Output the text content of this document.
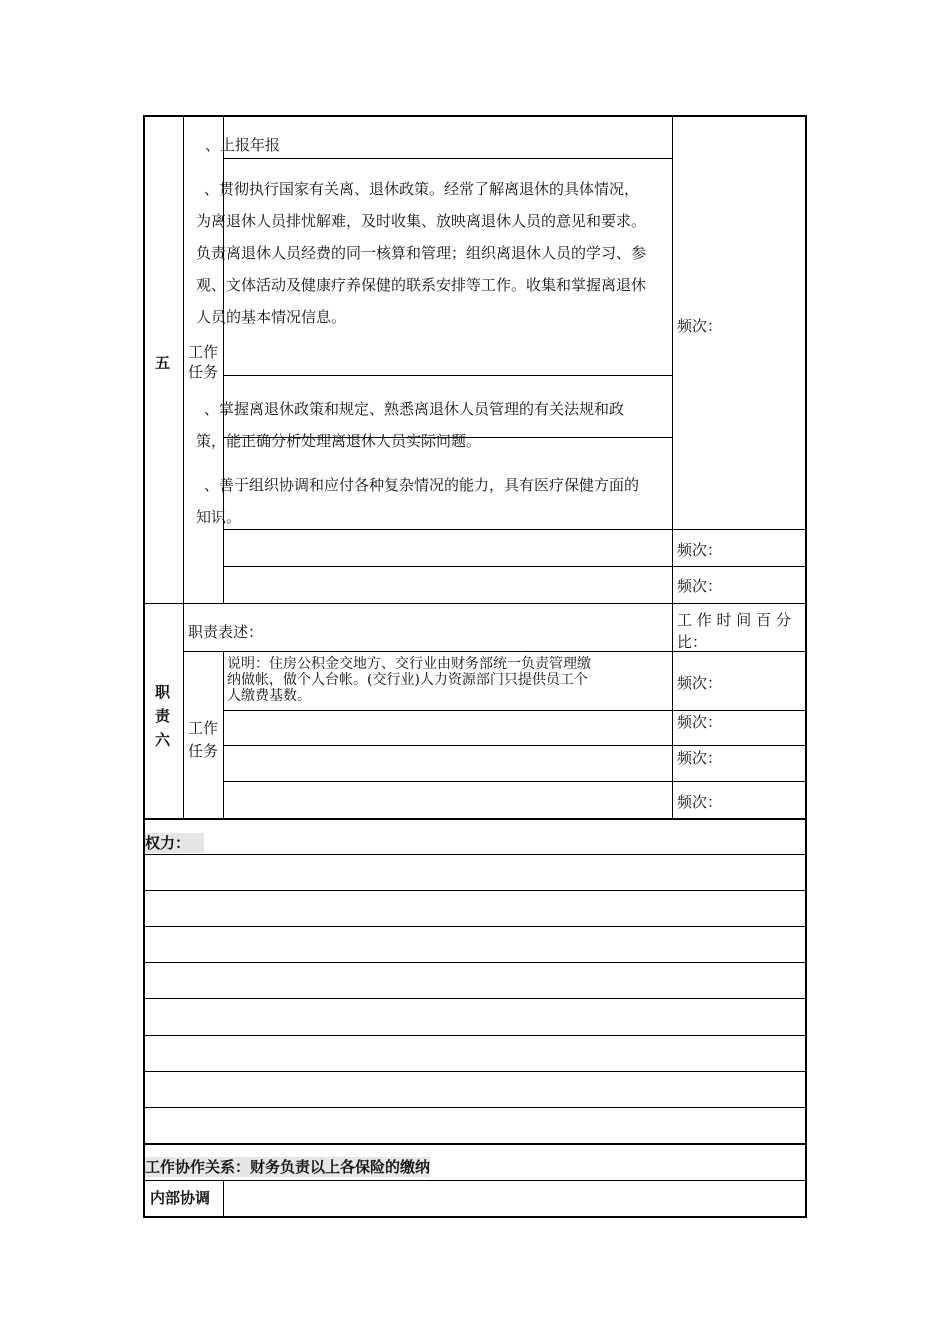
五
工作
任务
、上报年报
、贯彻执行国家有关离、退休政策。经常了解离退休的具体情况，
为离退休人员排忧解难，及时收集、放映离退休人员的意见和要求。
负责离退休人员经费的同一核算和管理；组织离退休人员的学习、参
观、文体活动及健康疗养保健的联系安排等工作。收集和掌握离退休
人员的基本情况信息。
、掌握离退休政策和规定、熟悉离退休人员管理的有关法规和政
策，能正确分析处理离退休人员实际问题。
、善于组织协调和应付各种复杂情况的能力，具有医疗保健方面的
知识。
频次：
频次：
频次：
职
责
六
职责表述：
工 作 时 间 百 分
比：
工作
任务
说明：住房公积金交地方、交行业由财务部统一负责管理缴
纳做帐，做个人台帐。(交行业)人力资源部门只提供员工个
人缴费基数。
频次：
频次：
频次：
频次：
权力：
工作协作关系：财务负责以上各保险的缴纳
内部协调
